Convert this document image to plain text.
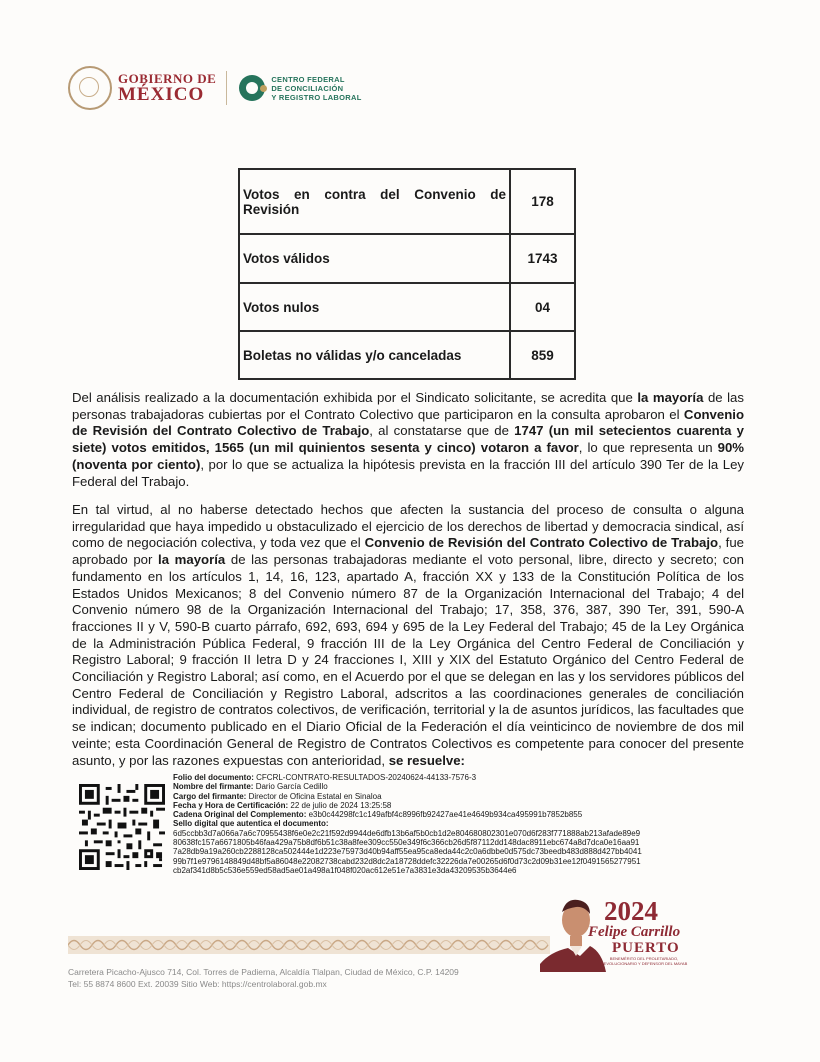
GOBIERNO DE
MÉXICO
CENTRO FEDERAL
DE CONCILIACIÓN
Y REGISTRO LABORAL
Votos en contra del Convenio de Revisión	178
Votos válidos	1743
Votos nulos	04
Boletas no válidas y/o canceladas	859
Del análisis realizado a la documentación exhibida por el Sindicato solicitante, se acredita que la mayoría de las personas trabajadoras cubiertas por el Contrato Colectivo que participaron en la consulta aprobaron el Convenio de Revisión del Contrato Colectivo de Trabajo, al constatarse que de 1747 (un mil setecientos cuarenta y siete) votos emitidos, 1565 (un mil quinientos sesenta y cinco) votaron a favor, lo que representa un 90% (noventa por ciento), por lo que se actualiza la hipótesis prevista en la fracción III del artículo 390 Ter de la Ley Federal del Trabajo.
En tal virtud, al no haberse detectado hechos que afecten la sustancia del proceso de consulta o alguna irregularidad que haya impedido u obstaculizado el ejercicio de los derechos de libertad y democracia sindical, así como de negociación colectiva, y toda vez que el Convenio de Revisión del Contrato Colectivo de Trabajo, fue aprobado por la mayoría de las personas trabajadoras mediante el voto personal, libre, directo y secreto; con fundamento en los artículos 1, 14, 16, 123, apartado A, fracción XX y 133 de la Constitución Política de los Estados Unidos Mexicanos; 8 del Convenio número 87 de la Organización Internacional del Trabajo; 4 del Convenio número 98 de la Organización Internacional del Trabajo; 17, 358, 376, 387, 390 Ter, 391, 590-A fracciones II y V, 590-B cuarto párrafo, 692, 693, 694 y 695 de la Ley Federal del Trabajo; 45 de la Ley Orgánica de la Administración Pública Federal, 9 fracción III de la Ley Orgánica del Centro Federal de Conciliación y Registro Laboral; 9 fracción II letra D y 24 fracciones I, XIII y XIX del Estatuto Orgánico del Centro Federal de Conciliación y Registro Laboral; así como, en el Acuerdo por el que se delegan en las y los servidores públicos del Centro Federal de Conciliación y Registro Laboral, adscritos a las coordinaciones generales de conciliación individual, de registro de contratos colectivos, de verificación, territorial y la de asuntos jurídicos, las facultades que se indican; documento publicado en el Diario Oficial de la Federación el día veinticinco de noviembre de dos mil veinte; esta Coordinación General de Registro de Contratos Colectivos es competente para conocer del presente asunto, y por las razones expuestas con anterioridad, se resuelve:
Folio del documento: CFCRL-CONTRATO-RESULTADOS-20240624-44133-7576-3
Nombre del firmante: Dario García Cedillo
Cargo del firmante: Director de Oficina Estatal en Sinaloa
Fecha y Hora de Certificación: 22 de julio de 2024 13:25:58
Cadena Original del Complemento: e3b0c44298fc1c149afbf4c8996fb92427ae41e4649b934ca495991b7852b855
Sello digital que autentica el documento:
6d5ccbb3d7a066a7a6c70955438f6e0e2c21f592d9944de6dfb13b6af5b0cb1d2e804680802301e070d6f283f771888ab213afade89e980638fc157a6671805b46faa429a75b8df6b51c38a8fee309cc550e349f6c366cb26d5f87112dd148dac8911ebc674a8d7dca0e16aa917a28db9a19a260cb2288128ca502444e1d223e75973d40b94aff55ea95ca8eda44c2c0a6dbbe0d575dc73beedb483d888d427bb404199b7f1e9796148849d48bf5a86048e22082738cabd232d8dc2a18728ddefc32226da7e00265d6f0d73c2d09b31ee12f0491565277951cb2af341d8b5c536e559ed58ad5ae01a498a1f048f020ac612e51e7a3831e3da43209535b3644e6
Carretera Picacho-Ajusco 714, Col. Torres de Padierna, Alcaldía Tlalpan, Ciudad de México, C.P. 14209
Tel: 55 8874 8600 Ext. 20039 Sitio Web: https://centrolaboral.gob.mx
2024
Felipe Carrillo
PUERTO
BENEMÉRITO DEL PROLETARIADO, REVOLUCIONARIO Y DEFENSOR DEL MAYAB
